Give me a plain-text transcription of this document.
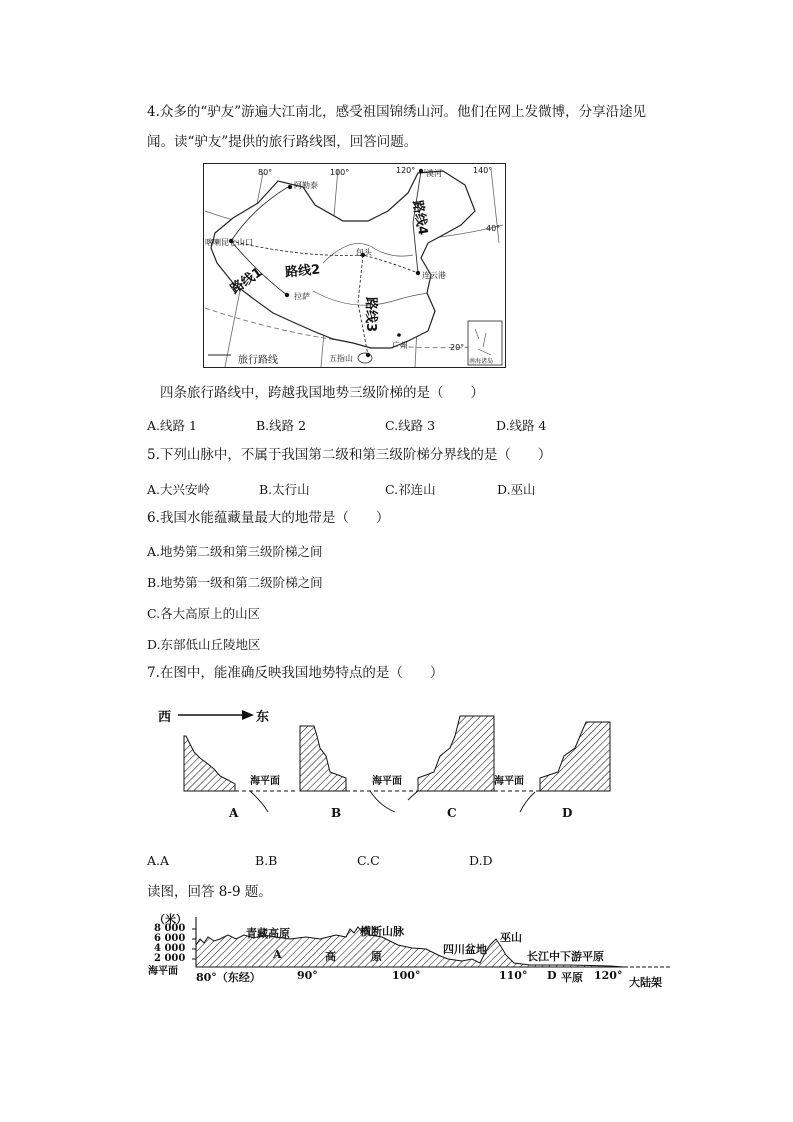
4.众多的“驴友”游遍大江南北，感受祖国锦绣山河。他们在网上发微博，分享沿途见
闻。读“驴友”提供的旅行路线图，回答问题。
80°	100°	120°	140°
40°
20°
阿勒泰
漠河
喀喇昆仑山口
包头
连云港
拉萨
五指山
广州
路线1 路线2
路线3
路线4
旅行路线	南海诸岛
四条旅行路线中，跨越我国地势三级阶梯的是（　　）
A.线路 1	B.线路 2	C.线路 3	D.线路 4
5.下列山脉中，不属于我国第二级和第三级阶梯分界线的是（　　）
A.大兴安岭	B.太行山	C.祁连山	D.巫山
6.我国水能蕴藏量最大的地带是（　　）
A.地势第二级和第三级阶梯之间
B.地势第一级和第二级阶梯之间
C.各大高原上的山区
D.东部低山丘陵地区
7.在图中，能准确反映我国地势特点的是（　　）
西	东
海平面	海平面	海平面
A	B	C	D
A.A	B.B	C.C	D.D
读图，回答 8-9 题。
（米）
8 000
6 000
4 000
2 000
海平面 80°（东经）	90°	100°	110°	120°
青藏高原	横断山脉	巫山
四川盆地
长江中下游平原
A	高	原
D 平原	大陆架
